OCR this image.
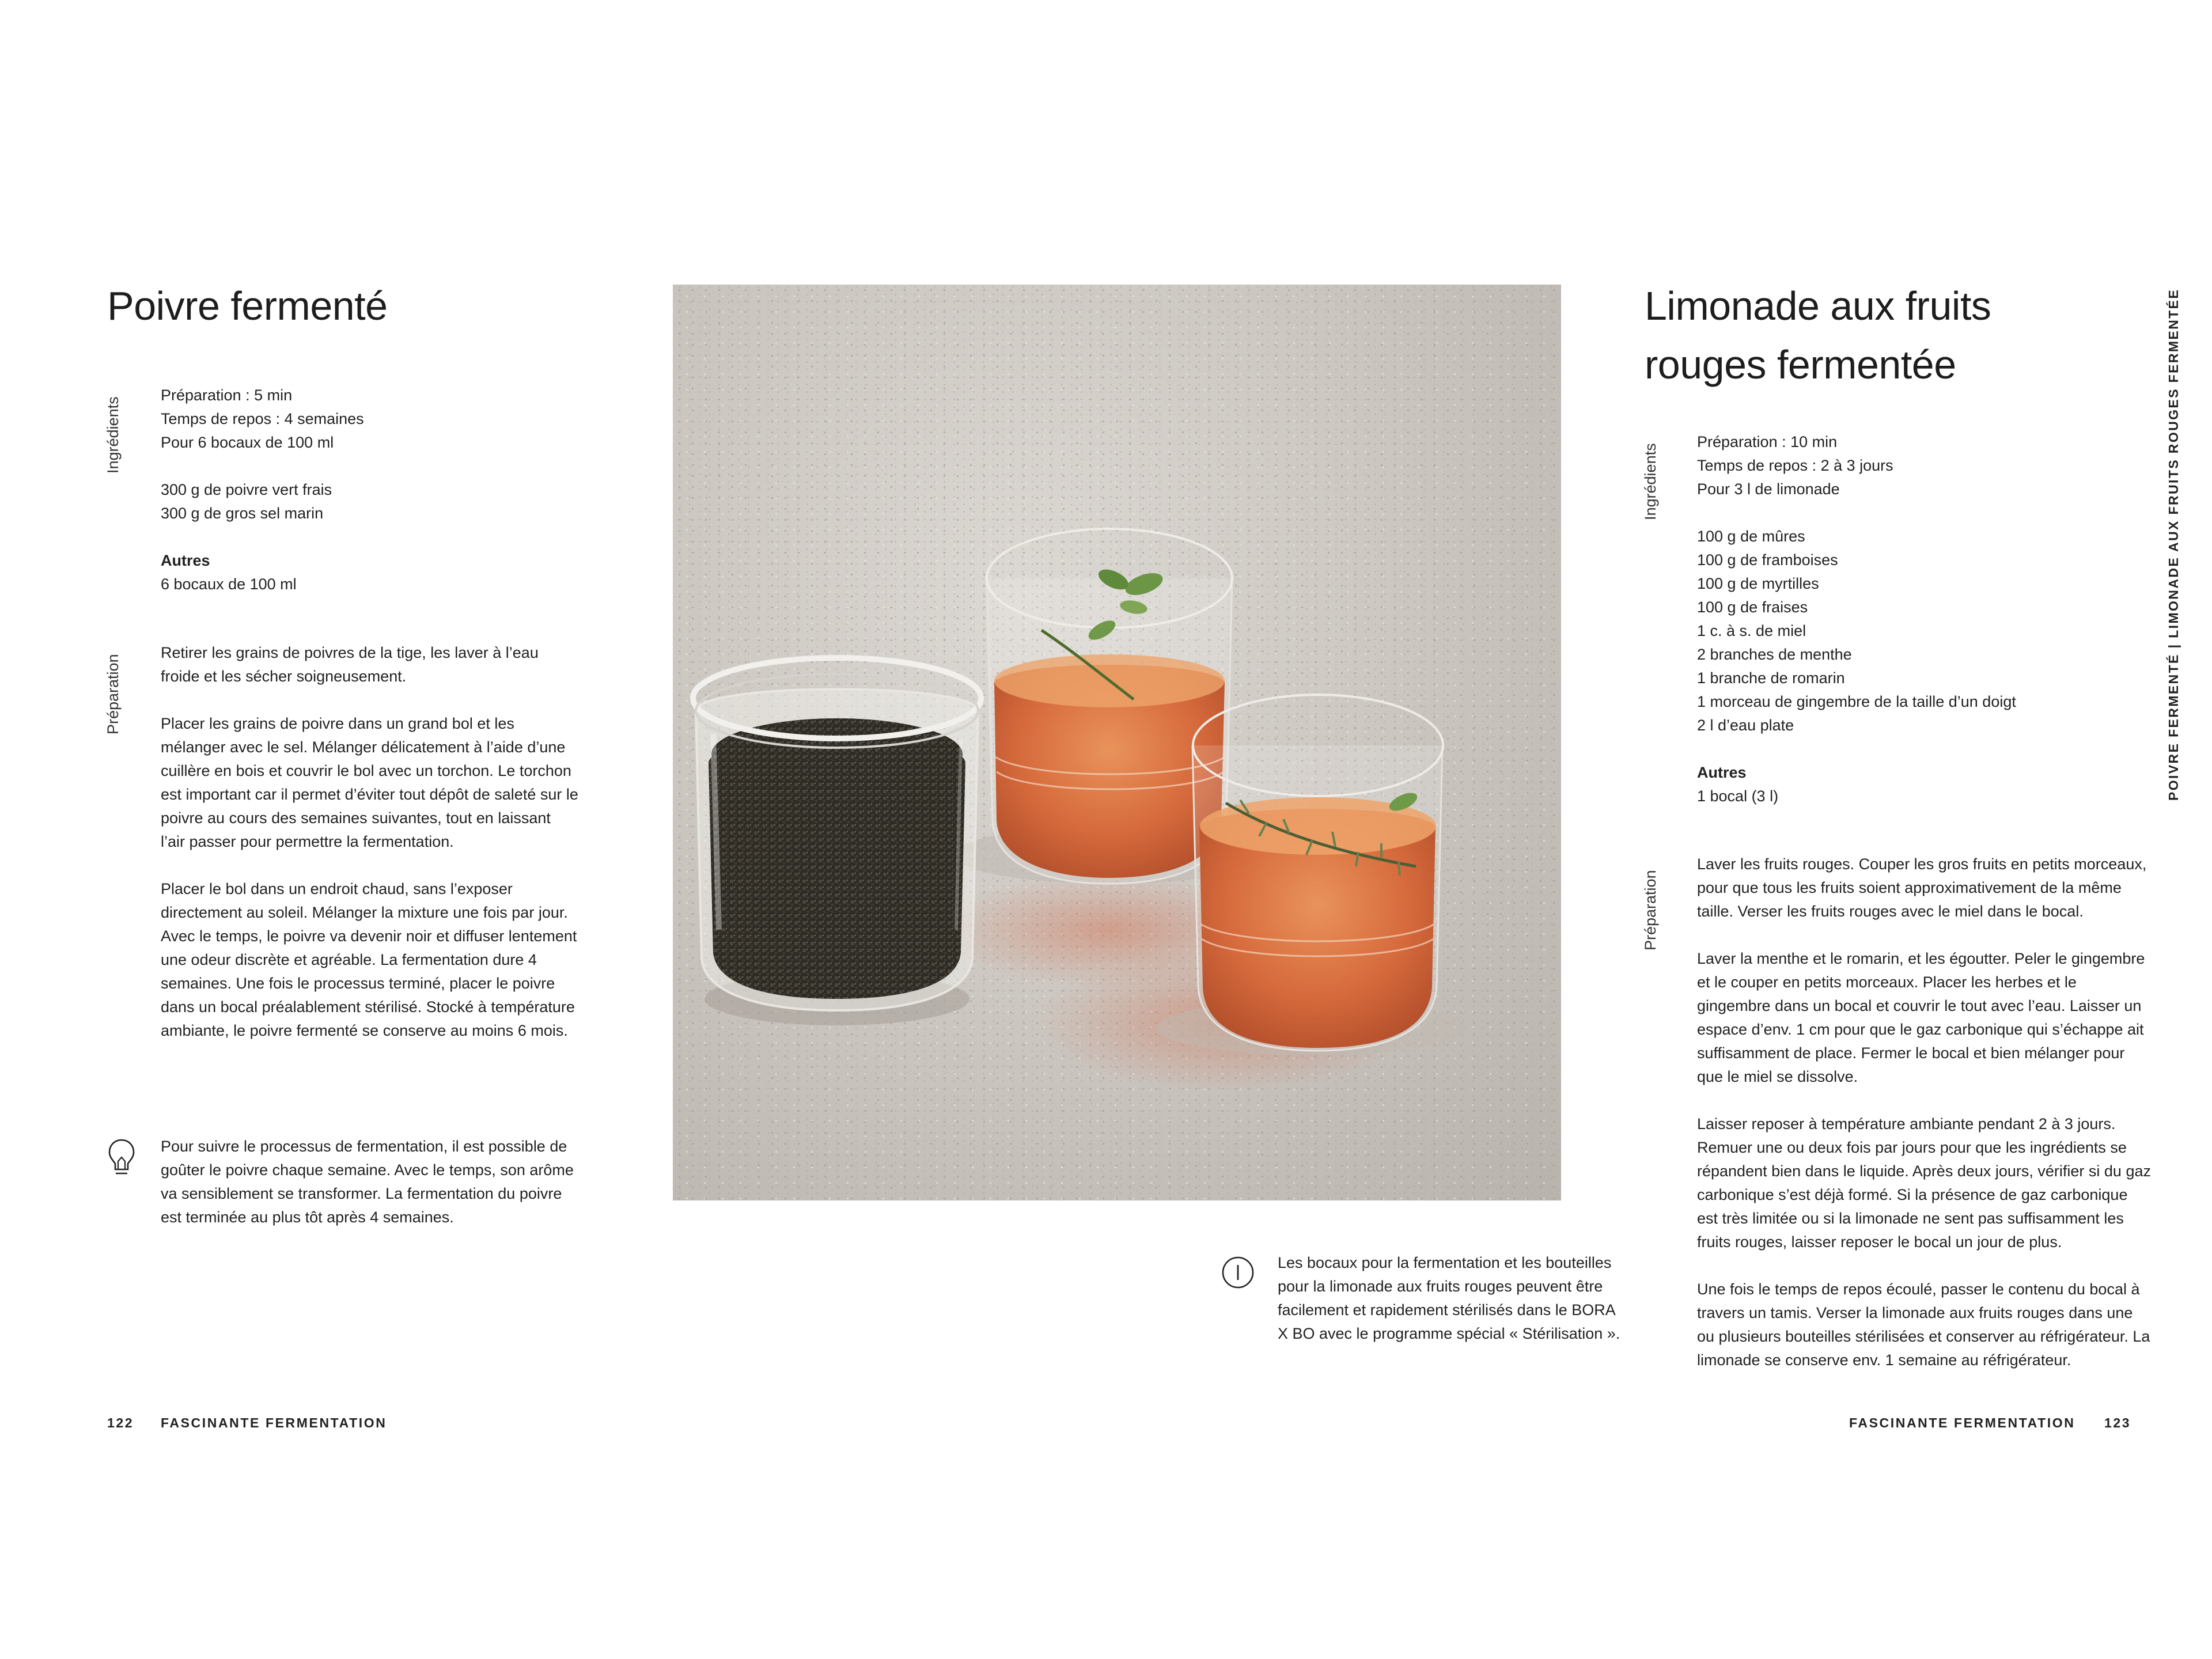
Poivre fermenté
Ingrédients

Préparation : 5 min
Temps de repos : 4 semaines
Pour 6 bocaux de 100 ml

300 g de poivre vert frais
300 g de gros sel marin

Autres
6 bocaux de 100 ml

Préparation

Retirer les grains de poivres de la tige, les laver à l’eau froide et les sécher soigneusement.

Placer les grains de poivre dans un grand bol et les mélanger avec le sel. Mélanger délicatement à l’aide d’une cuillère en bois et couvrir le bol avec un torchon. Le torchon est important car il permet d’éviter tout dépôt de saleté sur le poivre au cours des semaines suivantes, tout en laissant l’air passer pour permettre la fermentation.

Placer le bol dans un endroit chaud, sans l’exposer directement au soleil. Mélanger la mixture une fois par jour. Avec le temps, le poivre va devenir noir et diffuser lentement une odeur discrète et agréable. La fermentation dure 4 semaines. Une fois le processus terminé, placer le poivre dans un bocal préalablement stérilisé. Stocké à température ambiante, le poivre fermenté se conserve au moins 6 mois.

Pour suivre le processus de fermentation, il est possible de goûter le poivre chaque semaine. Avec le temps, son arôme va sensiblement se transformer. La fermentation du poivre est terminée au plus tôt après 4 semaines.
122 FASCINANTE FERMENTATION
Les bocaux pour la fermentation et les bouteilles pour la limonade aux fruits rouges peuvent être facilement et rapidement stérilisés dans le BORA X BO avec le programme spécial « Stérilisation ».
Limonade aux fruits
rouges fermentée
Ingrédients

Préparation : 10 min
Temps de repos : 2 à 3 jours
Pour 3 l de limonade

100 g de mûres
100 g de framboises
100 g de myrtilles
100 g de fraises
1 c. à s. de miel
2 branches de menthe
1 branche de romarin
1 morceau de gingembre de la taille d’un doigt
2 l d’eau plate

Autres
1 bocal (3 l)

Préparation

Laver les fruits rouges. Couper les gros fruits en petits morceaux, pour que tous les fruits soient approximativement de la même taille. Verser les fruits rouges avec le miel dans le bocal.

Laver la menthe et le romarin, et les égoutter. Peler le gingembre et le couper en petits morceaux. Placer les herbes et le gingembre dans un bocal et couvrir le tout avec l’eau. Laisser un espace d’env. 1 cm pour que le gaz carbonique qui s’échappe ait suffisamment de place. Fermer le bocal et bien mélanger pour que le miel se dissolve.

Laisser reposer à température ambiante pendant 2 à 3 jours. Remuer une ou deux fois par jours pour que les ingrédients se répandent bien dans le liquide. Après deux jours, vérifier si du gaz carbonique s’est déjà formé. Si la présence de gaz carbonique est très limitée ou si la limonade ne sent pas suffisamment les fruits rouges, laisser reposer le bocal un jour de plus.

Une fois le temps de repos écoulé, passer le contenu du bocal à travers un tamis. Verser la limonade aux fruits rouges dans une ou plusieurs bouteilles stérilisées et conserver au réfrigérateur. La limonade se conserve env. 1 semaine au réfrigérateur.

FASCINANTE FERMENTATION 123
POIVRE FERMENTÉ | LIMONADE AUX FRUITS ROUGES FERMENTÉE
